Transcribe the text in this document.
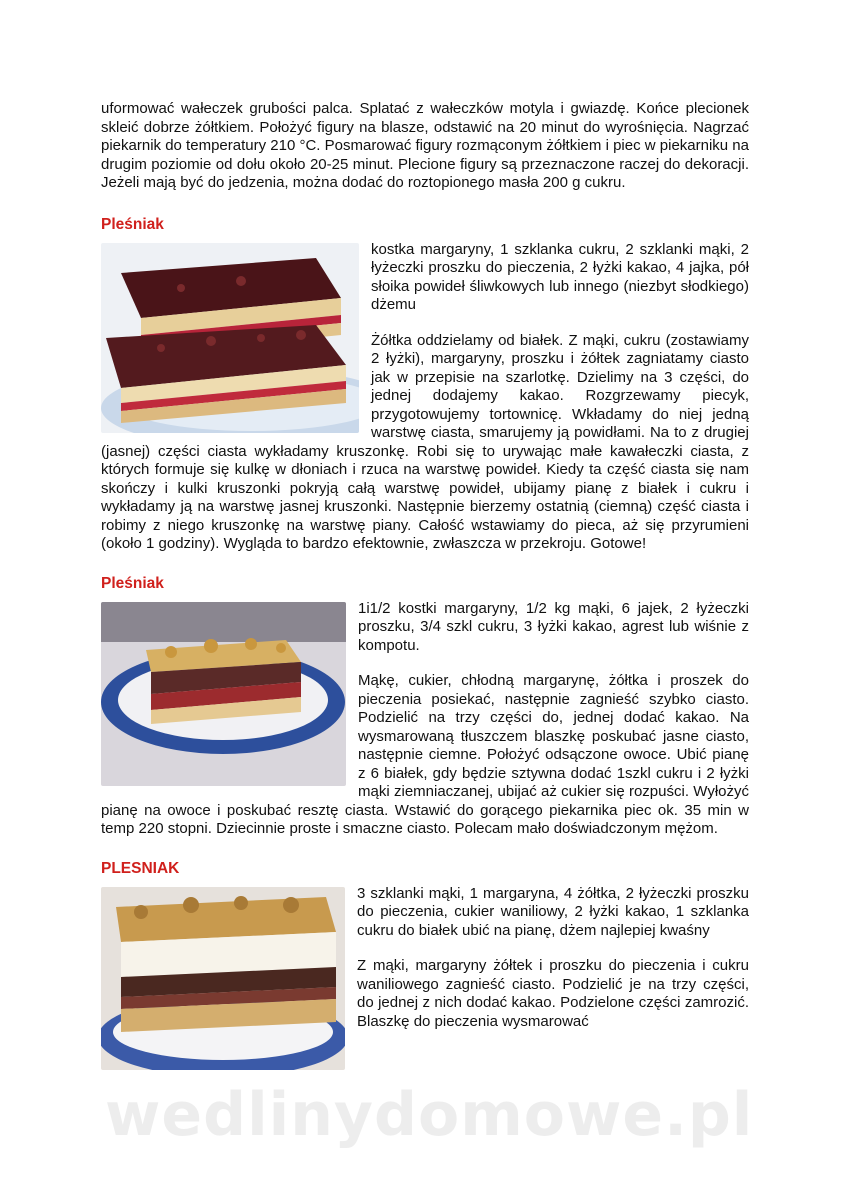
uformować wałeczek grubości palca. Splatać z wałeczków motyla i gwiazdę. Końce plecionek skleić dobrze żółtkiem. Położyć figury na blasze, odstawić na 20 minut do wyrośnięcia. Nagrzać piekarnik do temperatury 210 °C. Posmarować figury rozmąconym żółtkiem i piec w piekarniku na drugim poziomie od dołu około 20-25 minut. Plecione figury są przeznaczone raczej do dekoracji. Jeżeli mają być do jedzenia, można dodać do roztopionego masła 200 g cukru.

Pleśniak

kostka margaryny, 1 szklanka cukru, 2 szklanki mąki, 2 łyżeczki proszku do pieczenia, 2 łyżki kakao, 4 jajka, pół słoika powideł śliwkowych lub innego (niezbyt słodkiego) dżemu

Żółtka oddzielamy od białek. Z mąki, cukru (zostawiamy 2 łyżki), margaryny, proszku i żółtek zagniatamy ciasto jak w przepisie na szarlotkę. Dzielimy na 3 części, do jednej dodajemy kakao. Rozgrzewamy piecyk, przygotowujemy tortownicę. Wkładamy do niej jedną warstwę ciasta, smarujemy ją powidłami. Na to z drugiej (jasnej) części ciasta wykładamy kruszonkę. Robi się to urywając małe kawałeczki ciasta, z których formuje się kulkę w dłoniach i rzuca na warstwę powideł. Kiedy ta część ciasta się nam skończy i kulki kruszonki pokryją całą warstwę powideł, ubijamy pianę z białek i cukru i wykładamy ją na warstwę jasnej kruszonki. Następnie bierzemy ostatnią (ciemną) część ciasta i robimy z niego kruszonkę na warstwę piany. Całość wstawiamy do pieca, aż się przyrumieni (około 1 godziny). Wygląda to bardzo efektownie, zwłaszcza w przekroju. Gotowe!

Pleśniak

1i1/2 kostki margaryny, 1/2 kg mąki, 6 jajek, 2 łyżeczki proszku, 3/4 szkl cukru, 3 łyżki kakao, agrest lub wiśnie z kompotu.

Mąkę, cukier, chłodną margarynę, żółtka i proszek do pieczenia posiekać, następnie zagnieść szybko ciasto. Podzielić na trzy części do, jednej dodać kakao. Na wysmarowaną tłuszczem blaszkę poskubać jasne ciasto, następnie ciemne. Położyć odsączone owoce. Ubić pianę z 6 białek, gdy będzie sztywna dodać 1szkl cukru i 2 łyżki mąki ziemniaczanej, ubijać aż cukier się rozpuści. Wyłożyć pianę na owoce i poskubać resztę ciasta. Wstawić do gorącego piekarnika piec ok. 35 min w temp 220 stopni. Dziecinnie proste i smaczne ciasto. Polecam mało doświadczonym mężom.

PLESNIAK

3 szklanki mąki, 1 margaryna, 4 żółtka, 2 łyżeczki proszku do pieczenia, cukier waniliowy, 2 łyżki kakao, 1 szklanka cukru do białek ubić na pianę, dżem najlepiej kwaśny

Z mąki, margaryny żółtek i proszku do pieczenia i cukru waniliowego zagnieść ciasto. Podzielić je na trzy części, do jednej z nich dodać kakao. Podzielone części zamrozić. Blaszkę do pieczenia wysmarować

wedlinydomowe.pl
